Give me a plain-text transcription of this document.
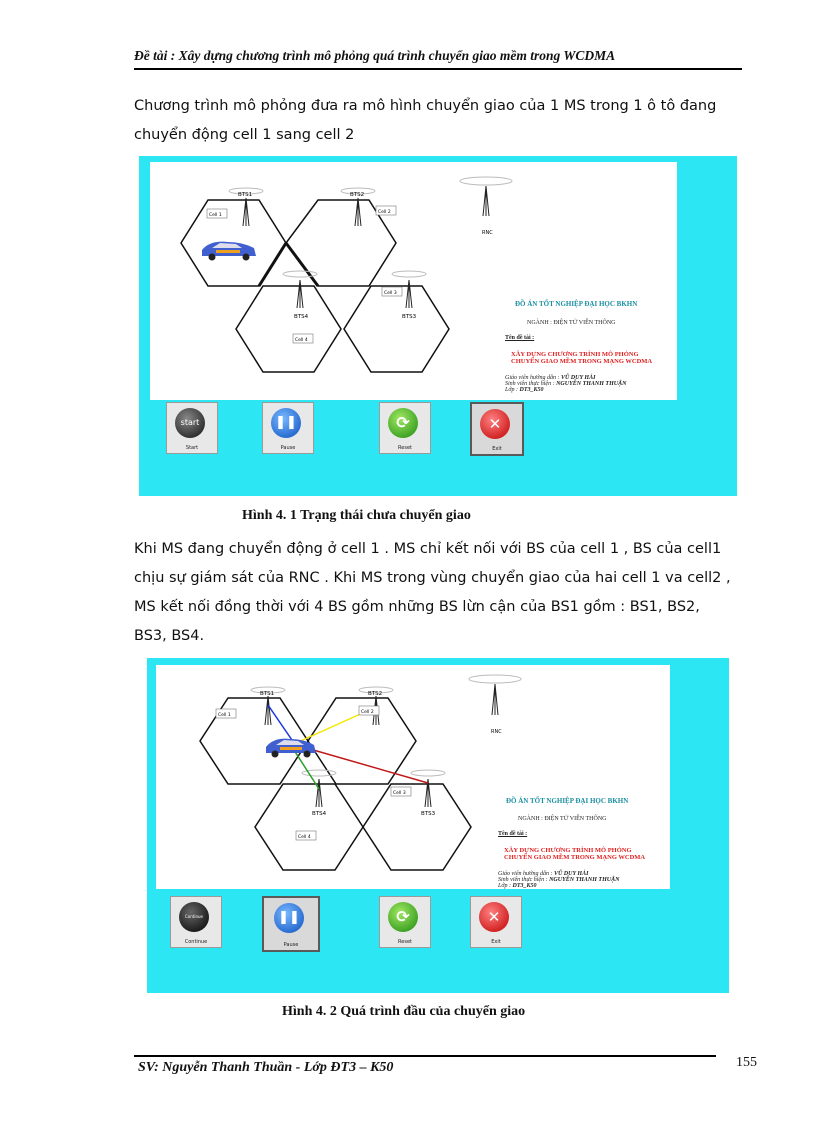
Đề tài : Xây dựng chương trình mô phỏng quá trình chuyển giao mềm trong WCDMA
Chương trình mô phỏng đưa ra mô hình chuyển giao của 1 MS trong 1 ô tô đang
chuyển động cell 1 sang cell 2
BTS1	BTS2
BTS4	BTS3
RNC
Cell 1
Cell 2
Cell 4
Cell 3
ĐỒ ÁN TỐT NGHIỆP ĐẠI HỌC BKHN
NGÀNH : ĐIỆN TỬ VIỄN THÔNG
Tên đề tài :
XÂY DỰNG CHƯƠNG TRÌNH MÔ PHỎNG
CHUYỂN GIAO MỀM TRONG MẠNG WCDMA
Giáo viên hướng dẫn : VŨ DUY HẢI
Sinh viên thực hiện : NGUYỄN THANH THUẬN
Lớp : DT3_K50
start
Start
❚❚
Pause
⟳
Reset
✕
Exit
Hình 4. 1 Trạng thái chưa chuyển giao
Khi MS đang chuyển động ở cell 1 . MS chỉ kết nối với BS của cell 1 , BS của cell1
chịu sự giám sát của RNC . Khi MS trong vùng chuyển giao của hai cell 1 va cell2 ,
MS kết nối đồng thời với 4 BS gồm những BS lừn cận của BS1 gồm : BS1, BS2,
BS3, BS4.
BTS1	BTS2
BTS4	BTS3
RNC
Cell 1
Cell 2
Cell 4
Cell 3
ĐỒ ÁN TỐT NGHIỆP ĐẠI HỌC BKHN
NGÀNH : ĐIỆN TỬ VIỄN THÔNG
Tên đề tài :
XÂY DỰNG CHƯƠNG TRÌNH MÔ PHỎNG
CHUYỂN GIAO MỀM TRONG MẠNG WCDMA
Giáo viên hướng dẫn : VŨ DUY HẢI
Sinh viên thực hiện : NGUYỄN THANH THUẬN
Lớp : DT3_K50
Continue
Continue
❚❚
Pause
⟳
Reset
✕
Exit
Hình 4. 2 Quá trình đầu của chuyển giao
SV: Nguyễn Thanh Thuần - Lớp ĐT3 – K50	155
